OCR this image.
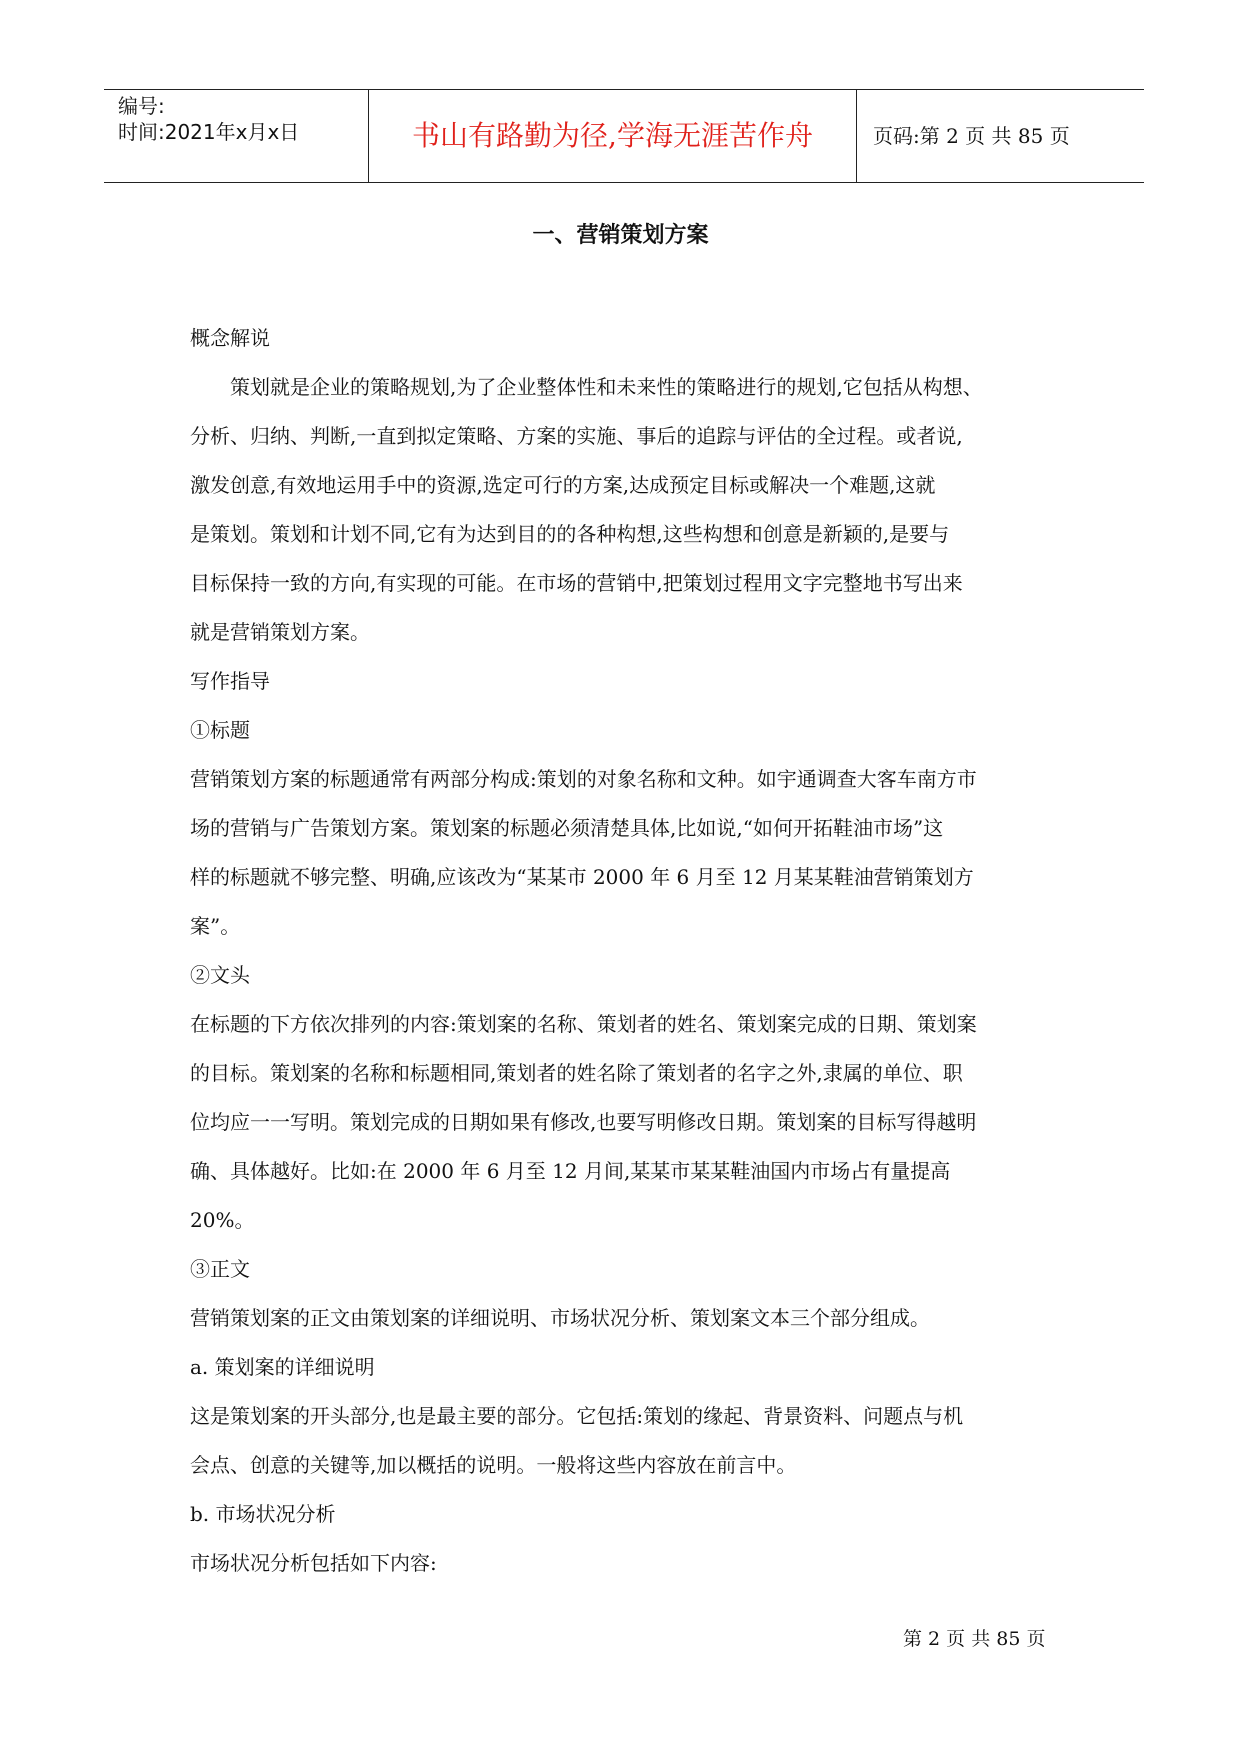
编号:
时间:2021年x月x日	书山有路勤为径,学海无涯苦作舟	页码:第 2 页 共 85 页
一、营销策划方案
概念解说
策划就是企业的策略规划,为了企业整体性和未来性的策略进行的规划,它包括从构想、
分析、归纳、判断,一直到拟定策略、方案的实施、事后的追踪与评估的全过程。或者说,
激发创意,有效地运用手中的资源,选定可行的方案,达成预定目标或解决一个难题,这就
是策划。策划和计划不同,它有为达到目的的各种构想,这些构想和创意是新颖的,是要与
目标保持一致的方向,有实现的可能。在市场的营销中,把策划过程用文字完整地书写出来
就是营销策划方案。
写作指导
①标题
营销策划方案的标题通常有两部分构成:策划的对象名称和文种。如宇通调查大客车南方市
场的营销与广告策划方案。策划案的标题必须清楚具体,比如说,“如何开拓鞋油市场”这
样的标题就不够完整、明确,应该改为“某某市 2000 年 6 月至 12 月某某鞋油营销策划方
案”。
②文头
在标题的下方依次排列的内容:策划案的名称、策划者的姓名、策划案完成的日期、策划案
的目标。策划案的名称和标题相同,策划者的姓名除了策划者的名字之外,隶属的单位、职
位均应一一写明。策划完成的日期如果有修改,也要写明修改日期。策划案的目标写得越明
确、具体越好。比如:在 2000 年 6 月至 12 月间,某某市某某鞋油国内市场占有量提高
20%。
③正文
营销策划案的正文由策划案的详细说明、市场状况分析、策划案文本三个部分组成。
a. 策划案的详细说明
这是策划案的开头部分,也是最主要的部分。它包括:策划的缘起、背景资料、问题点与机
会点、创意的关键等,加以概括的说明。一般将这些内容放在前言中。
b. 市场状况分析
市场状况分析包括如下内容:
第 2 页 共 85 页
